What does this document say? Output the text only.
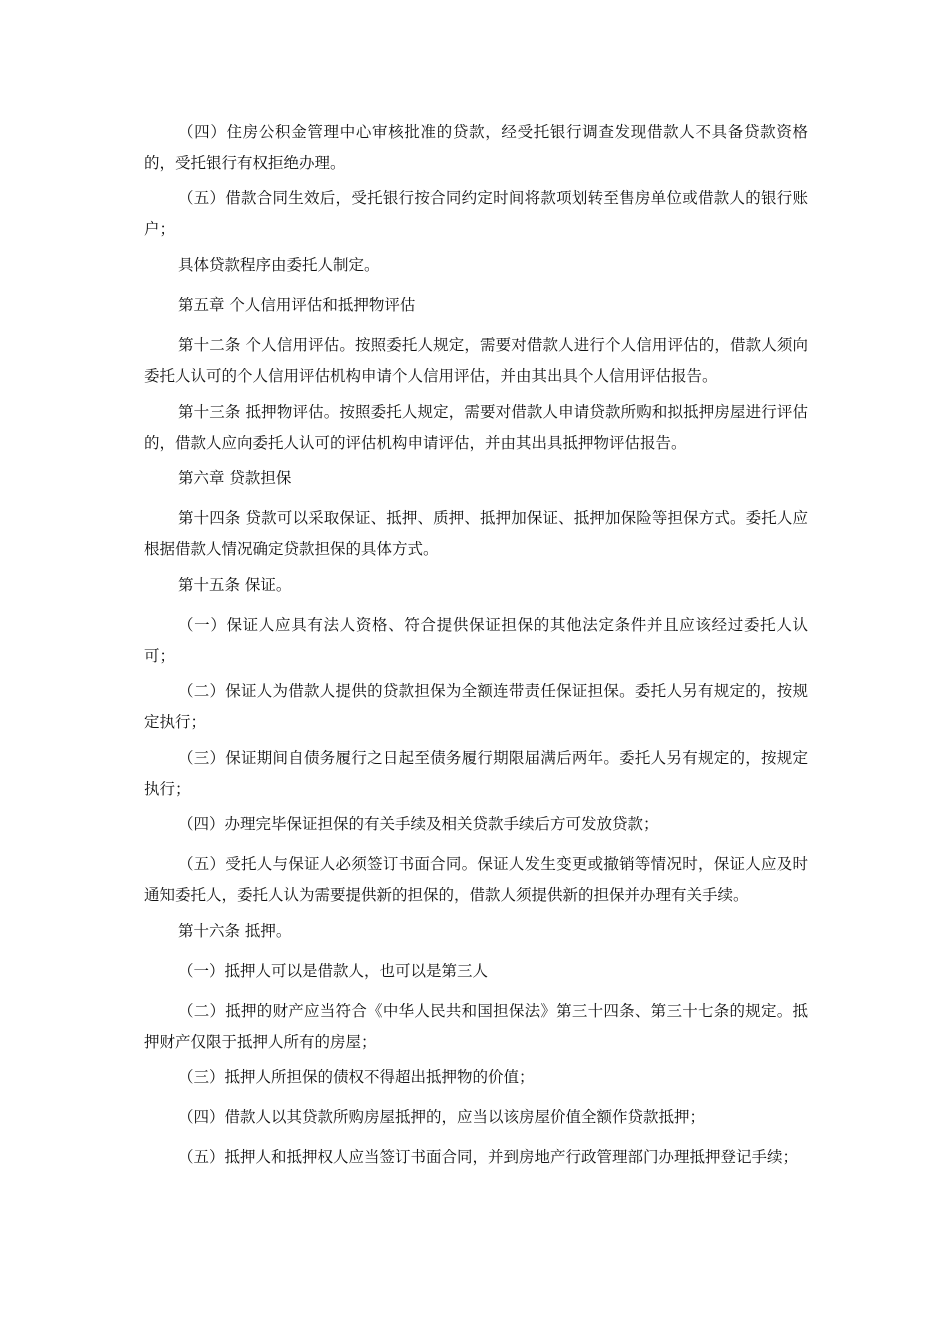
（四）住房公积金管理中心审核批准的贷款，经受托银行调查发现借款人不具备贷款资格的，受托银行有权拒绝办理。

（五）借款合同生效后，受托银行按合同约定时间将款项划转至售房单位或借款人的银行账户；

具体贷款程序由委托人制定。

第五章 个人信用评估和抵押物评估

第十二条 个人信用评估。按照委托人规定，需要对借款人进行个人信用评估的，借款人须向委托人认可的个人信用评估机构申请个人信用评估，并由其出具个人信用评估报告。

第十三条 抵押物评估。按照委托人规定，需要对借款人申请贷款所购和拟抵押房屋进行评估的，借款人应向委托人认可的评估机构申请评估，并由其出具抵押物评估报告。

第六章 贷款担保

第十四条 贷款可以采取保证、抵押、质押、抵押加保证、抵押加保险等担保方式。委托人应根据借款人情况确定贷款担保的具体方式。

第十五条 保证。

（一）保证人应具有法人资格、符合提供保证担保的其他法定条件并且应该经过委托人认可；

（二）保证人为借款人提供的贷款担保为全额连带责任保证担保。委托人另有规定的，按规定执行；

（三）保证期间自债务履行之日起至债务履行期限届满后两年。委托人另有规定的，按规定执行；

（四）办理完毕保证担保的有关手续及相关贷款手续后方可发放贷款；

（五）受托人与保证人必须签订书面合同。保证人发生变更或撤销等情况时，保证人应及时通知委托人，委托人认为需要提供新的担保的，借款人须提供新的担保并办理有关手续。

第十六条 抵押。

（一）抵押人可以是借款人，也可以是第三人

（二）抵押的财产应当符合《中华人民共和国担保法》第三十四条、第三十七条的规定。抵押财产仅限于抵押人所有的房屋；

（三）抵押人所担保的债权不得超出抵押物的价值；

（四）借款人以其贷款所购房屋抵押的，应当以该房屋价值全额作贷款抵押；

（五）抵押人和抵押权人应当签订书面合同，并到房地产行政管理部门办理抵押登记手续；
